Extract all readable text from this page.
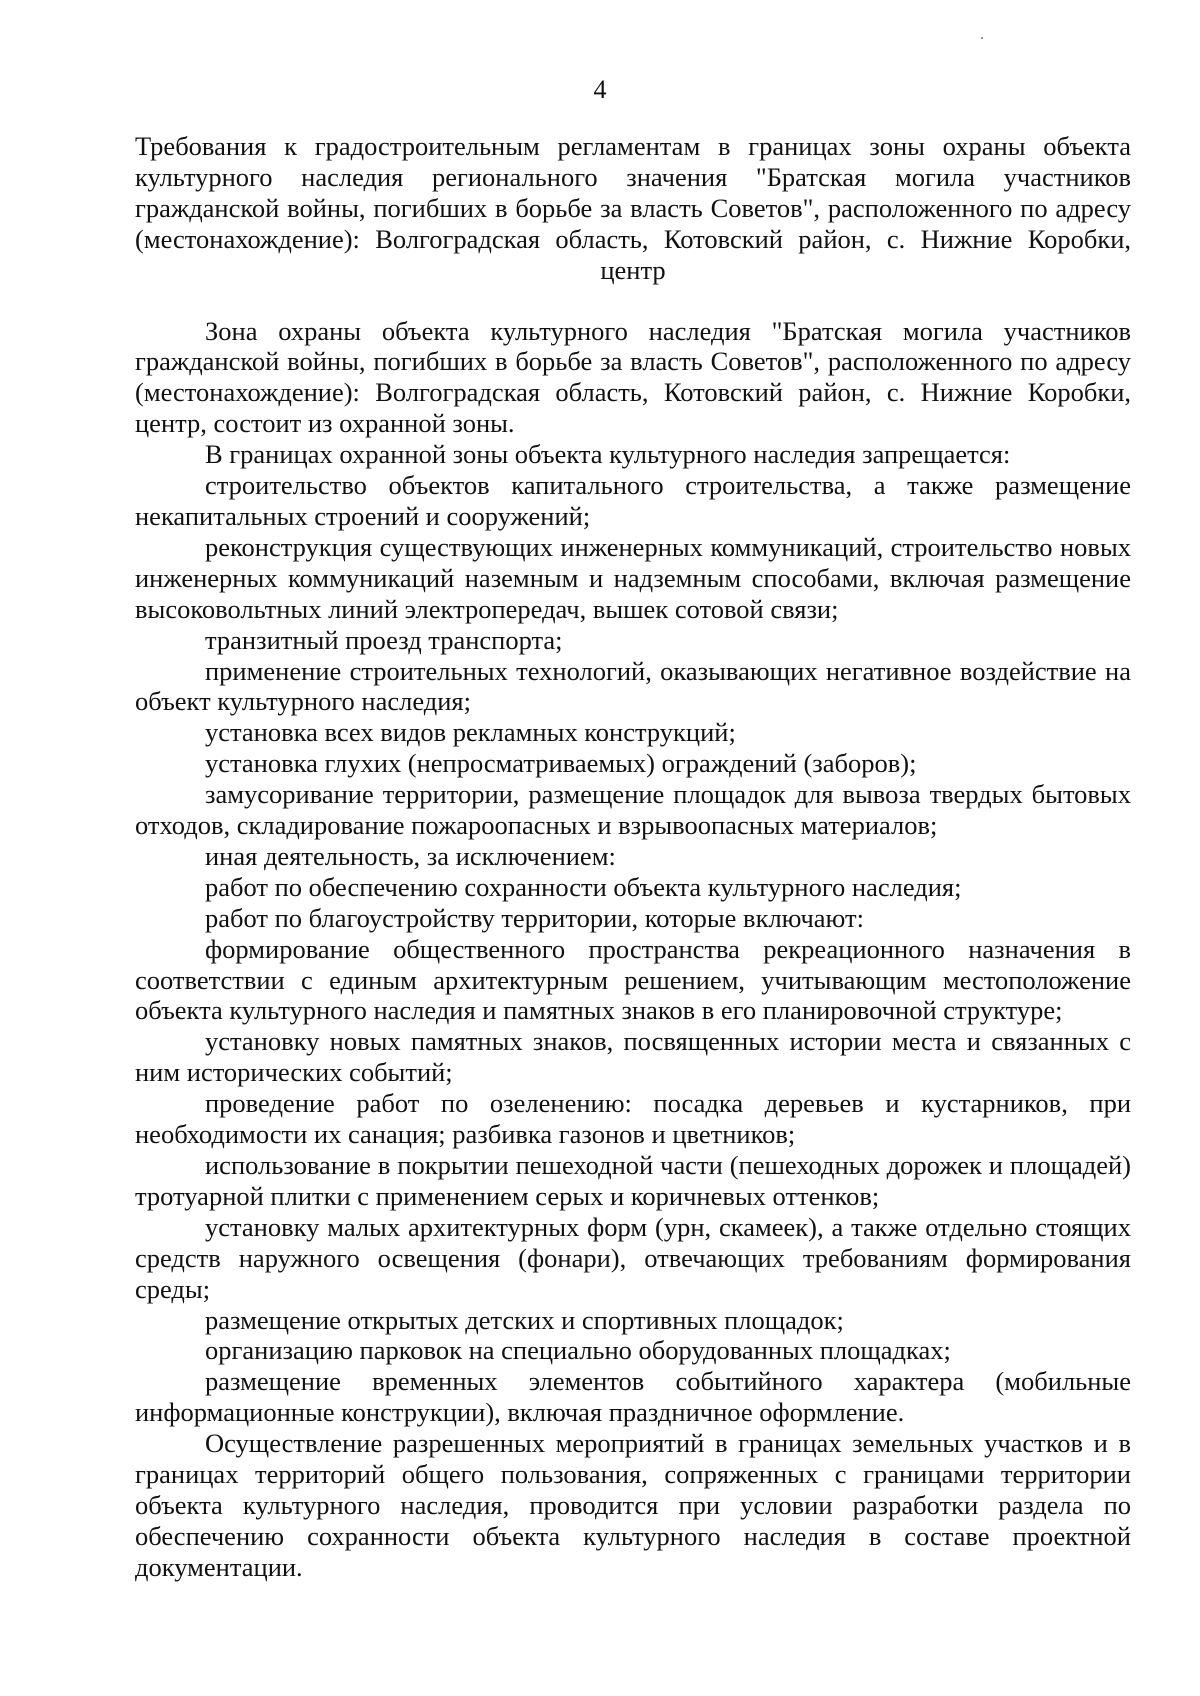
4

Требования к градостроительным регламентам в границах зоны охраны объекта культурного наследия регионального значения "Братская могила участников гражданской войны, погибших в борьбе за власть Советов", расположенного по адресу (местонахождение): Волгоградская область, Котовский район, с. Нижние Коробки, центр

Зона охраны объекта культурного наследия "Братская могила участников гражданской войны, погибших в борьбе за власть Советов", расположенного по адресу (местонахождение): Волгоградская область, Котовский район, с. Нижние Коробки, центр, состоит из охранной зоны.

В границах охранной зоны объекта культурного наследия запрещается:

строительство объектов капитального строительства, а также размещение некапитальных строений и сооружений;

реконструкция существующих инженерных коммуникаций, строительство новых инженерных коммуникаций наземным и надземным способами, включая размещение высоковольтных линий электропередач, вышек сотовой связи;

транзитный проезд транспорта;

применение строительных технологий, оказывающих негативное воздействие на объект культурного наследия;

установка всех видов рекламных конструкций;

установка глухих (непросматриваемых) ограждений (заборов);

замусоривание территории, размещение площадок для вывоза твердых бытовых отходов, складирование пожароопасных и взрывоопасных материалов;

иная деятельность, за исключением:

работ по обеспечению сохранности объекта культурного наследия;

работ по благоустройству территории, которые включают:

формирование общественного пространства рекреационного назначения в соответствии с единым архитектурным решением, учитывающим местоположение объекта культурного наследия и памятных знаков в его планировочной структуре;

установку новых памятных знаков, посвященных истории места и связанных с ним исторических событий;

проведение работ по озеленению: посадка деревьев и кустарников, при необходимости их санация; разбивка газонов и цветников;

использование в покрытии пешеходной части (пешеходных дорожек и площадей) тротуарной плитки с применением серых и коричневых оттенков;

установку малых архитектурных форм (урн, скамеек), а также отдельно стоящих средств наружного освещения (фонари), отвечающих требованиям формирования среды;

размещение открытых детских и спортивных площадок;

организацию парковок на специально оборудованных площадках;

размещение временных элементов событийного характера (мобильные информационные конструкции), включая праздничное оформление.

Осуществление разрешенных мероприятий в границах земельных участков и в границах территорий общего пользования, сопряженных с границами территории объекта культурного наследия, проводится при условии разработки раздела по обеспечению сохранности объекта культурного наследия в составе проектной документации.
